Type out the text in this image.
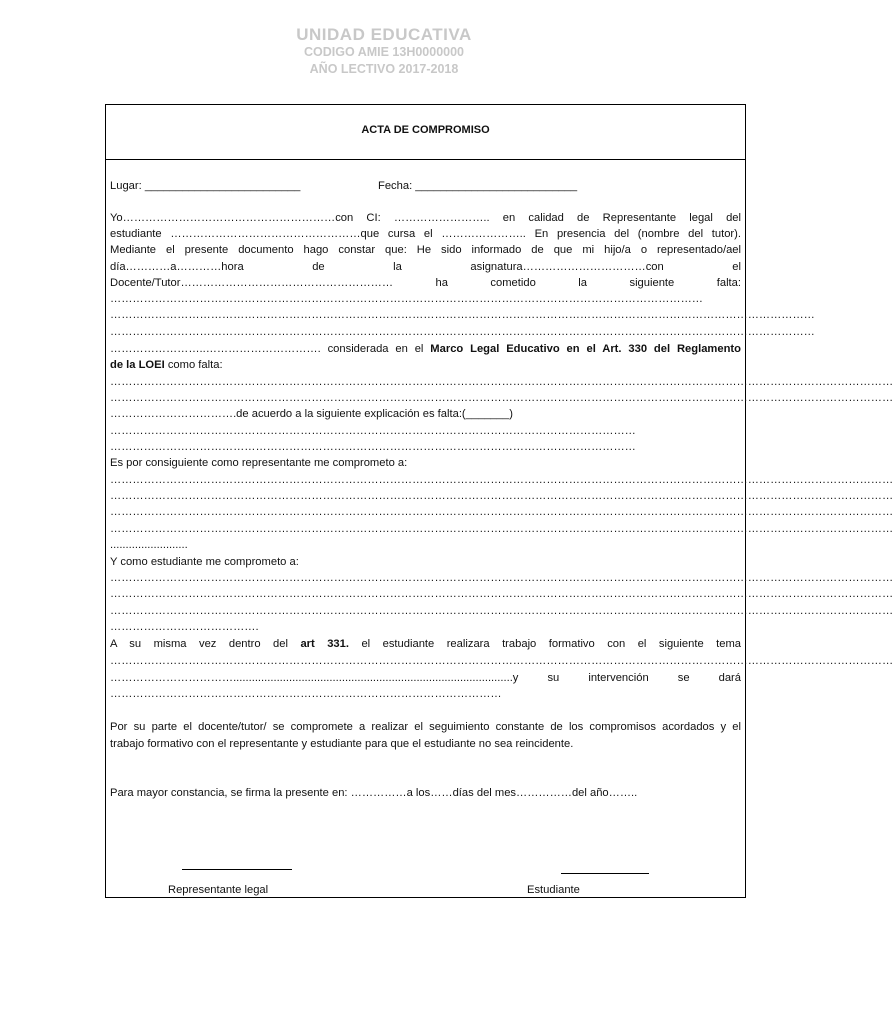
UNIDAD EDUCATIVA
CODIGO AMIE 13H0000000
AÑO LECTIVO 2017-2018
ACTA DE COMPROMISO
Lugar: _________________________	Fecha: __________________________
Yo…………………………………………………con CI: …………………….. en calidad de Representante legal del
estudiante ……………………………………………que cursa el ………………….. En presencia del (nombre del tutor).
Mediante el presente documento hago constar que: He sido informado de que mi hijo/a o representado/ael
día…………a…………hora de la asignatura……………………………con el
Docente/Tutor………………………………………………… ha cometido la siguiente falta:
……………………………………………………………………………………………………………………………………………
………………………………………………………………………………………………………………………………………………………………………
………………………………………………………………………………………………………………………………………………………………………
……………………..…………………………. considerada en el Marco Legal Educativo en el Art. 330 del Reglamento
de la LOEI como falta:
…………………………………………………………………………………………………………………………………………………………………………………………
…………………………………………………………………………………………………………………………………………………………………………………………
…………………………….de acuerdo a la siguiente explicación es falta:(_______)
……………………………………………………………………………………………………………………………
……………………………………………………………………………………………………………………………
Es por consiguiente como representante me comprometo a:
…………………………………………………………………………………………………………………………………………………………………………………………
…………………………………………………………………………………………………………………………………………………………………………………………
…………………………………………………………………………………………………………………………………………………………………………………………
…………………………………………………………………………………………………………………………………………………………………………………………
.........................
Y como estudiante me comprometo a:
…………………………………………………………………………………………………………………………………………………………………………………………
…………………………………………………………………………………………………………………………………………………………………………………………
…………………………………………………………………………………………………………………………………………………………………………………………
………………………………….
A su misma vez dentro del art 331. el estudiante realizara trabajo formativo con el siguiente tema
…………………………………………………………………………………………………………………………………………………………………………………………
……………………………..........................................................................................y su intervención se dará
……………………………………………………………………………………………
Por su parte el docente/tutor/ se compromete a realizar el seguimiento constante de los compromisos acordados y el
trabajo formativo con el representante y estudiante para que el estudiante no sea reincidente.
Para mayor constancia, se firma la presente en: ……………a los……días del mes……………del año……..
Representante legal	Estudiante
